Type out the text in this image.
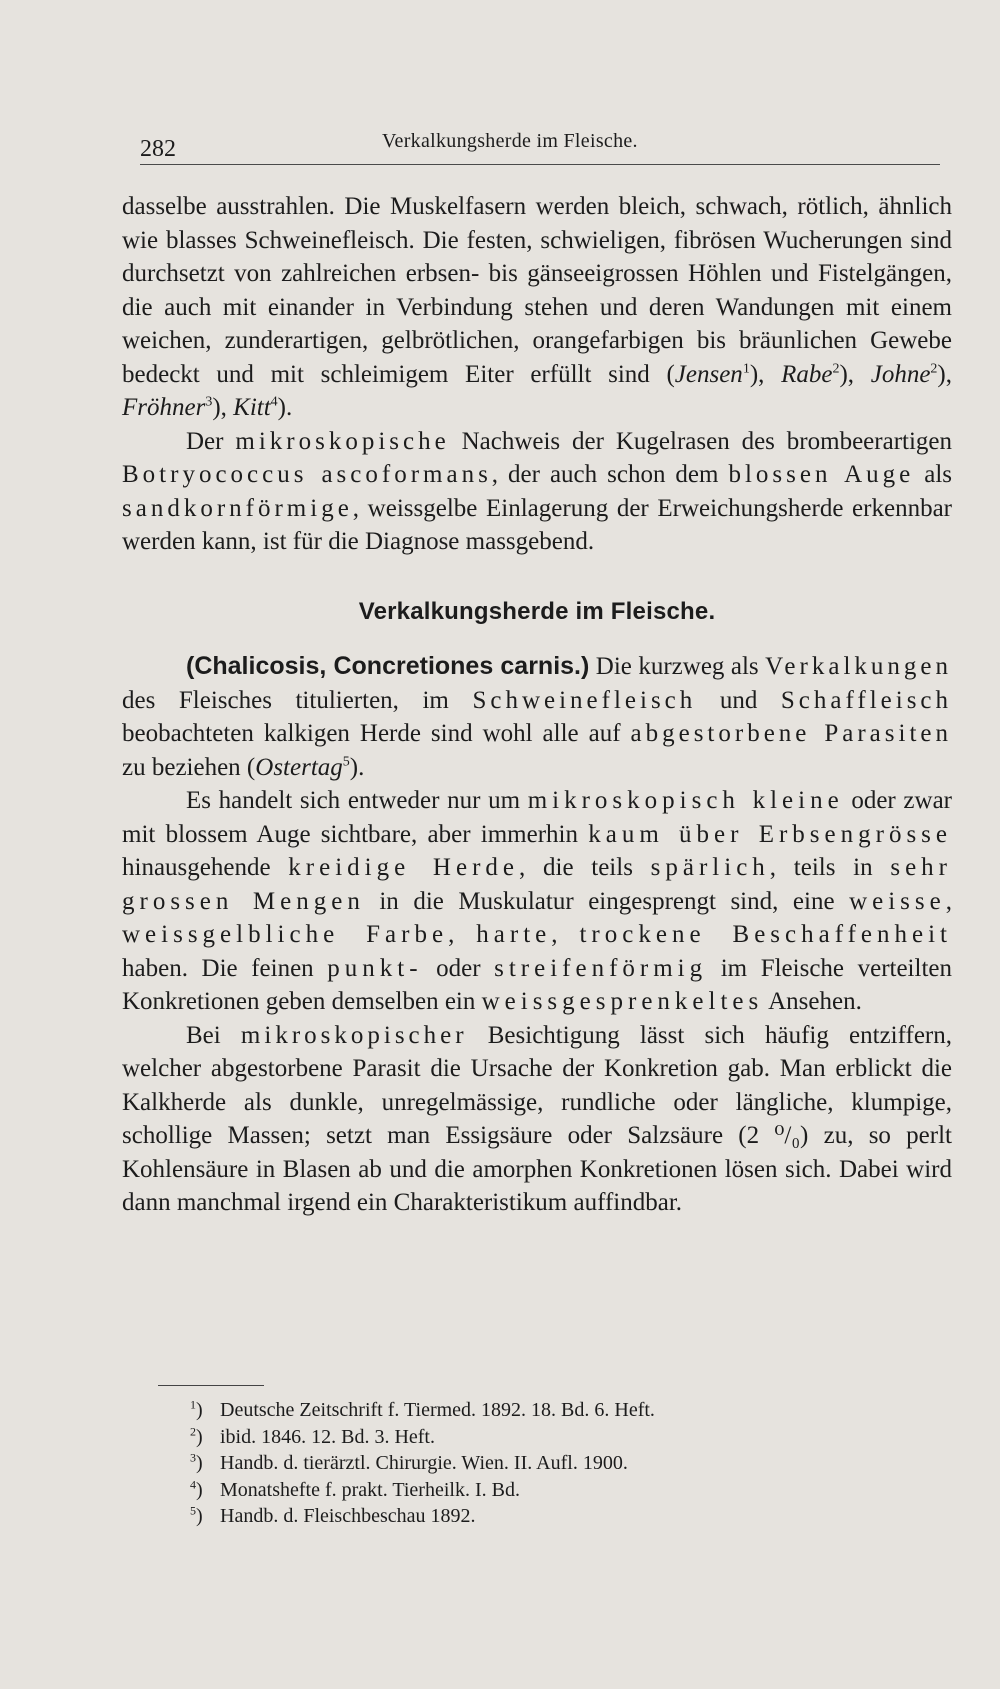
282	Verkalkungsherde im Fleische.

dasselbe ausstrahlen. Die Muskelfasern werden bleich, schwach, rötlich, ähnlich wie blasses Schweinefleisch. Die festen, schwieligen, fibrösen Wucherungen sind durchsetzt von zahlreichen erbsen- bis gänseeigrossen Höhlen und Fistelgängen, die auch mit einander in Verbindung stehen und deren Wandungen mit einem weichen, zunderartigen, gelbrötlichen, orangefarbigen bis bräunlichen Gewebe bedeckt und mit schleimigem Eiter erfüllt sind (Jensen$^1$), Rabe$^2$), Johne$^2$), Fröhner$^3$), Kitt$^4$).

Der mikroskopische Nachweis der Kugelrasen des brombeerartigen Botryococcus ascoformans, der auch schon dem blossen Auge als sandkornförmige, weissgelbe Einlagerung der Erweichungsherde erkennbar werden kann, ist für die Diagnose massgebend.

Verkalkungsherde im Fleische.

(Chalicosis, Concretiones carnis.) Die kurzweg als Verkalkungen des Fleisches titulierten, im Schweinefleisch und Schaffleisch beobachteten kalkigen Herde sind wohl alle auf abgestorbene Parasiten zu beziehen (Ostertag$^5$).

Es handelt sich entweder nur um mikroskopisch kleine oder zwar mit blossem Auge sichtbare, aber immerhin kaum über Erbsengrösse hinausgehende kreidige Herde, die teils spärlich, teils in sehr grossen Mengen in die Muskulatur eingesprengt sind, eine weisse, weissgelbliche Farbe, harte, trockene Beschaffenheit haben. Die feinen punkt- oder streifenförmig im Fleische verteilten Konkretionen geben demselben ein weissgesprenkeltes Ansehen.

Bei mikroskopischer Besichtigung lässt sich häufig entziffern, welcher abgestorbene Parasit die Ursache der Konkretion gab. Man erblickt die Kalkherde als dunkle, unregelmässige, rundliche oder längliche, klumpige, schollige Massen; setzt man Essigsäure oder Salzsäure (2 ⁰/₀) zu, so perlt Kohlensäure in Blasen ab und die amorphen Konkretionen lösen sich. Dabei wird dann manchmal irgend ein Charakteristikum auffindbar.

$^1$) Deutsche Zeitschrift f. Tiermed. 1892. 18. Bd. 6. Heft.
$^2$) ibid. 1846. 12. Bd. 3. Heft.
$^3$) Handb. d. tierärztl. Chirurgie. Wien. II. Aufl. 1900.
$^4$) Monatshefte f. prakt. Tierheilk. I. Bd.
$^5$) Handb. d. Fleischbeschau 1892.
